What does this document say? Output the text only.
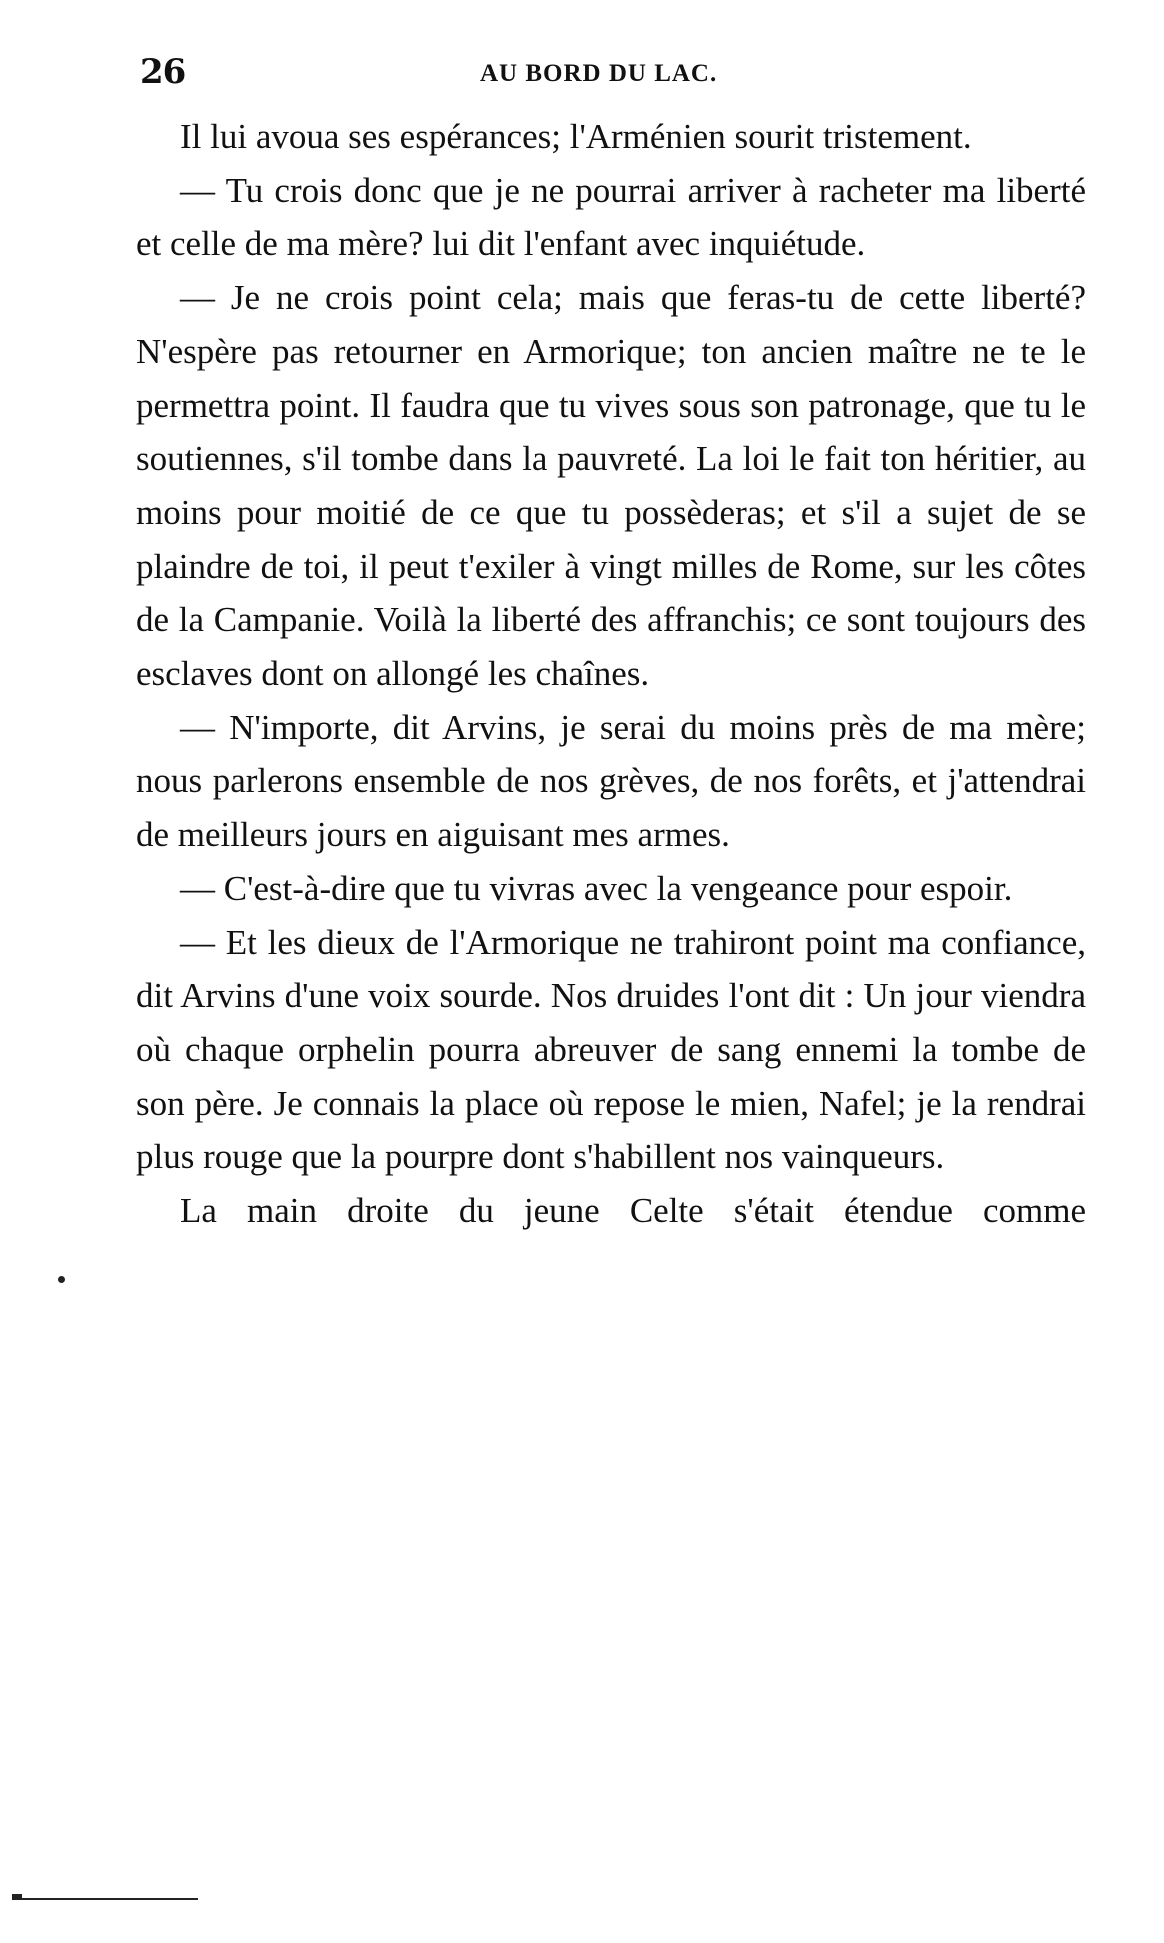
26	AU BORD DU LAC.

Il lui avoua ses espérances; l'Arménien sourit tristement.

— Tu crois donc que je ne pourrai arriver à racheter ma liberté et celle de ma mère? lui dit l'enfant avec inquiétude.

— Je ne crois point cela; mais que feras-tu de cette liberté? N'espère pas retourner en Armorique; ton ancien maître ne te le permettra point. Il faudra que tu vives sous son patronage, que tu le soutiennes, s'il tombe dans la pauvreté. La loi le fait ton héritier, au moins pour moitié de ce que tu possèderas; et s'il a sujet de se plaindre de toi, il peut t'exiler à vingt milles de Rome, sur les côtes de la Campanie. Voilà la liberté des affranchis; ce sont toujours des esclaves dont on allongé les chaînes.

— N'importe, dit Arvins, je serai du moins près de ma mère; nous parlerons ensemble de nos grèves, de nos forêts, et j'attendrai de meilleurs jours en aiguisant mes armes.

— C'est-à-dire que tu vivras avec la vengeance pour espoir.

— Et les dieux de l'Armorique ne trahiront point ma confiance, dit Arvins d'une voix sourde. Nos druides l'ont dit : Un jour viendra où chaque orphelin pourra abreuver de sang ennemi la tombe de son père. Je connais la place où repose le mien, Nafel; je la rendrai plus rouge que la pourpre dont s'habillent nos vainqueurs.

La main droite du jeune Celte s'était étendue comme
